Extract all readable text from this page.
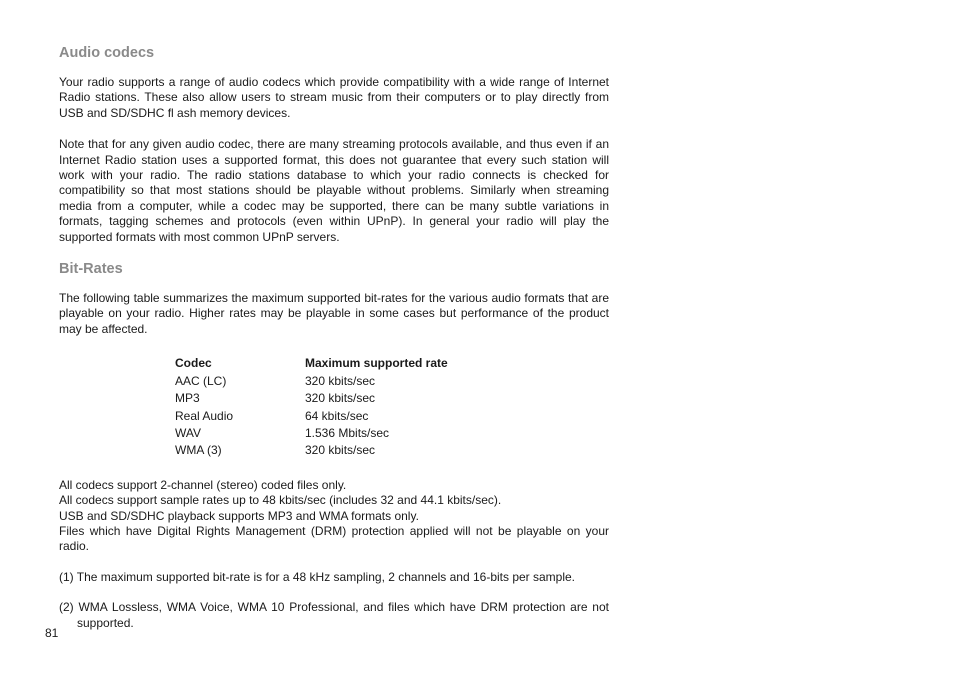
Audio codecs

Your radio supports a range of audio codecs which provide compatibility with a wide range of Internet Radio stations. These also allow users to stream music from their computers or to play directly from USB and SD/SDHC fl ash memory devices.

Note that for any given audio codec, there are many streaming protocols available, and thus even if an Internet Radio station uses a supported format, this does not guarantee that every such station will work with your radio. The radio stations database to which your radio connects is checked for compatibility so that most stations should be playable without problems. Similarly when streaming media from a computer, while a codec may be supported, there can be many subtle variations in formats, tagging schemes and protocols (even within UPnP). In general your radio will play the supported formats with most common UPnP servers.

Bit-Rates

The following table summarizes the maximum supported bit-rates for the various audio formats that are playable on your radio. Higher rates may be playable in some cases but performance of the product may be affected.

Codec	Maximum supported rate
AAC (LC)	320 kbits/sec
MP3	320 kbits/sec
Real Audio	64 kbits/sec
WAV	1.536 Mbits/sec
WMA (3)	320 kbits/sec

All codecs support 2-channel (stereo) coded files only.

All codecs support sample rates up to 48 kbits/sec (includes 32 and 44.1 kbits/sec).

USB and SD/SDHC playback supports MP3 and WMA formats only.

Files which have Digital Rights Management (DRM) protection applied will not be playable on your radio.

(1) The maximum supported bit-rate is for a 48 kHz sampling, 2 channels and 16-bits per sample.

(2) WMA Lossless, WMA Voice, WMA 10 Professional, and files which have DRM protection are not supported.

81
